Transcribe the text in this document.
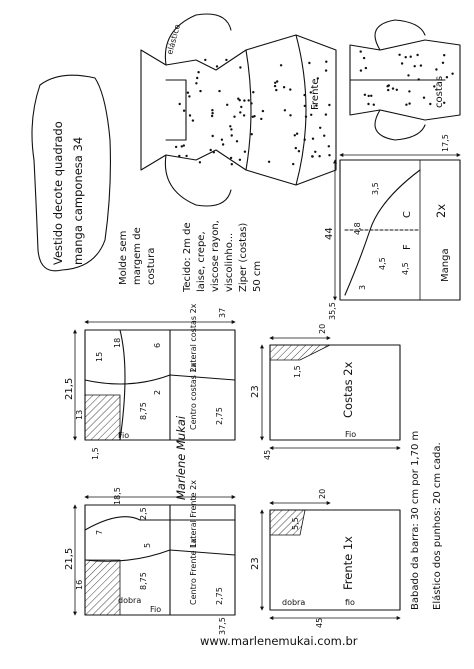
elástico
Frente	costas
Vestido decote quadrado manga camponesa 34	Molde sem margem de costura	Tecido: 2m de laise, crepe, viscose rayon, viscolinho... Ziper (costas) 50 cm
Babado da barra: 30 cm por 1,70 m Elástico dos punhos: 20 cm cada.
17,5
44
35,5
3,5
4,8
4,5
3
4,5
C
F
2x
Manga
37
18	6
15
13
21,5
8,75
2
2,75
1,5
Lateral costas 2x
Centro costas 2x
Fio
20
1,5
23
45
Costas 2x
Fio
Marlene Mukai
37,5
18,5
2,5
7
16
21,5
8,75
2,75
5	Lateral Frente 2x
Centro Frente 1x
dobra
Fio
20
5,5
23
45
Frente 1x
dobra	fio
www.marlenemukai.com.br
